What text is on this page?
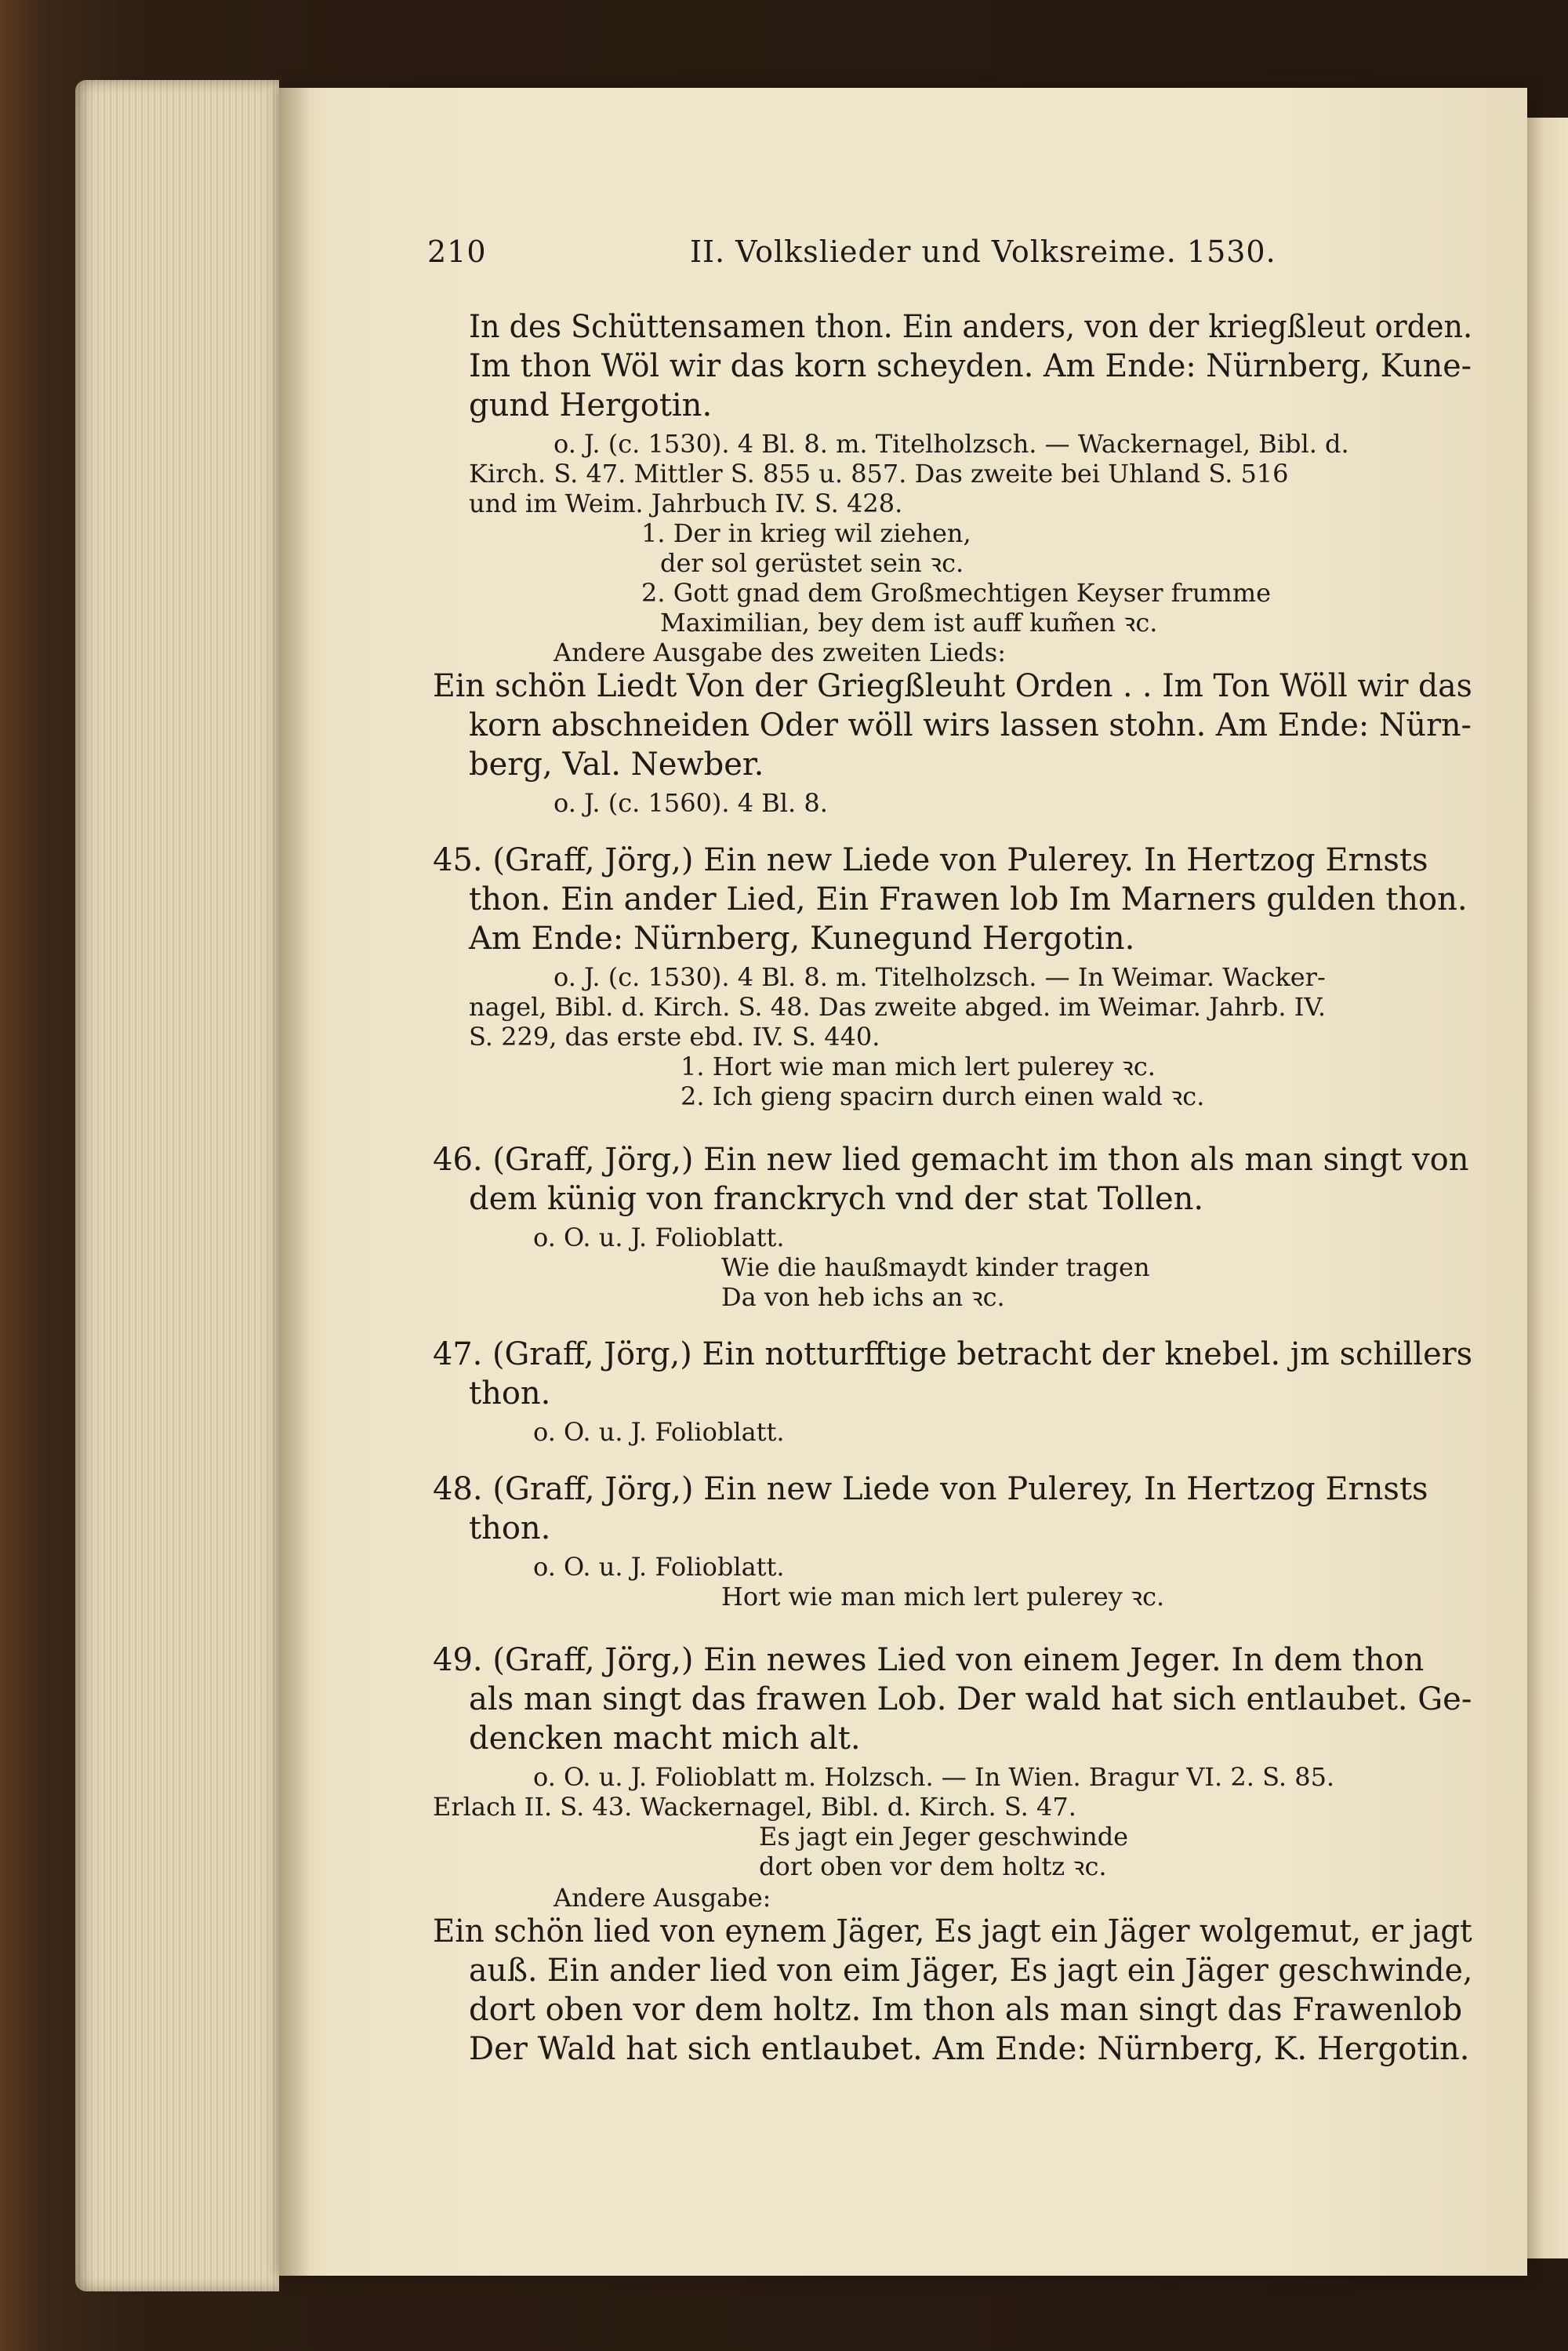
210	II. Volkslieder und Volksreime. 1530.
In des Schüttensamen thon. Ein anders, von der kriegßleut orden.
Im thon Wöl wir das korn scheyden. Am Ende: Nürnberg, Kune-
gund Hergotin.
o. J. (c. 1530). 4 Bl. 8. m. Titelholzsch. — Wackernagel, Bibl. d.
Kirch. S. 47. Mittler S. 855 u. 857. Das zweite bei Uhland S. 516
und im Weim. Jahrbuch IV. S. 428.
1. Der in krieg wil ziehen,
der sol gerüstet sein ꝛc.
2. Gott gnad dem Großmechtigen Keyser frumme
Maximilian, bey dem ist auff kum̃en ꝛc.
Andere Ausgabe des zweiten Lieds:
Ein schön Liedt Von der Griegßleuht Orden . . Im Ton Wöll wir das
korn abschneiden Oder wöll wirs lassen stohn. Am Ende: Nürn-
berg, Val. Newber.
o. J. (c. 1560). 4 Bl. 8.
45. (Graff, Jörg,) Ein new Liede von Pulerey. In Hertzog Ernsts
thon. Ein ander Lied, Ein Frawen lob Im Marners gulden thon.
Am Ende: Nürnberg, Kunegund Hergotin.
o. J. (c. 1530). 4 Bl. 8. m. Titelholzsch. — In Weimar. Wacker-
nagel, Bibl. d. Kirch. S. 48. Das zweite abged. im Weimar. Jahrb. IV.
S. 229, das erste ebd. IV. S. 440.
1. Hort wie man mich lert pulerey ꝛc.
2. Ich gieng spacirn durch einen wald ꝛc.
46. (Graff, Jörg,) Ein new lied gemacht im thon als man singt von
dem künig von franckrych vnd der stat Tollen.
o. O. u. J. Folioblatt.
Wie die haußmaydt kinder tragen
Da von heb ichs an ꝛc.
47. (Graff, Jörg,) Ein notturfftige betracht der knebel. jm schillers
thon.
o. O. u. J. Folioblatt.
48. (Graff, Jörg,) Ein new Liede von Pulerey, In Hertzog Ernsts
thon.
o. O. u. J. Folioblatt.
Hort wie man mich lert pulerey ꝛc.
49. (Graff, Jörg,) Ein newes Lied von einem Jeger. In dem thon
als man singt das frawen Lob. Der wald hat sich entlaubet. Ge-
dencken macht mich alt.
o. O. u. J. Folioblatt m. Holzsch. — In Wien. Bragur VI. 2. S. 85.
Erlach II. S. 43. Wackernagel, Bibl. d. Kirch. S. 47.
Es jagt ein Jeger geschwinde
dort oben vor dem holtz ꝛc.
Andere Ausgabe:
Ein schön lied von eynem Jäger, Es jagt ein Jäger wolgemut, er jagt
auß. Ein ander lied von eim Jäger, Es jagt ein Jäger geschwinde,
dort oben vor dem holtz. Im thon als man singt das Frawenlob
Der Wald hat sich entlaubet. Am Ende: Nürnberg, K. Hergotin.
